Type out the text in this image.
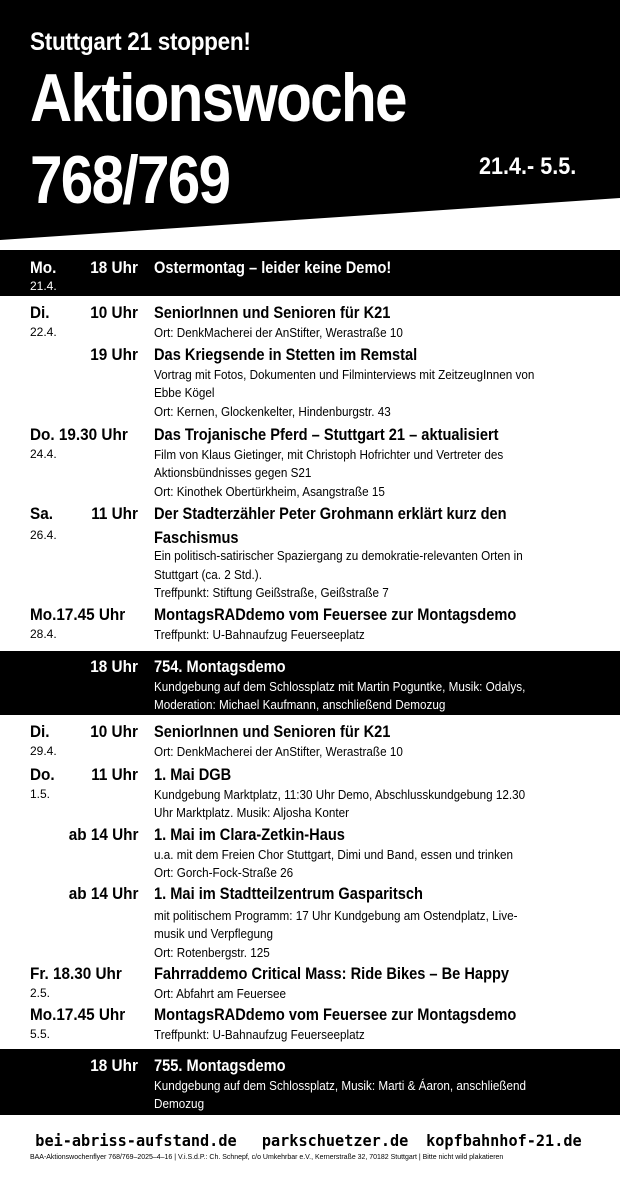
Stuttgart 21 stoppen!
Aktionswoche
768/769	21.4.- 5.5.
Mo.
21.4.
18 Uhr Ostermontag – leider keine Demo!
Di.
22.4.
10 Uhr SeniorInnen und Senioren für K21
Ort: DenkMacherei der AnStifter, Werastraße 10
19 Uhr Das Kriegsende in Stetten im Remstal
Vortrag mit Fotos, Dokumenten und Filminterviews mit ZeitzeugInnen von
Ebbe Kögel
Ort: Kernen, Glockenkelter, Hindenburgstr. 43
Do. 19.30 Uhr
24.4.
Das Trojanische Pferd – Stuttgart 21 – aktualisiert
Film von Klaus Gietinger, mit Christoph Hofrichter und Vertreter des
Aktionsbündnisses gegen S21
Ort: Kinothek Obertürkheim, Asangstraße 15
Sa.
26.4.
11 Uhr Der Stadterzähler Peter Grohmann erklärt kurz den
Faschismus
Ein politisch-satirischer Spaziergang zu demokratie-relevanten Orten in
Stuttgart (ca. 2 Std.).
Treffpunkt: Stiftung Geißstraße, Geißstraße 7
Mo.17.45 Uhr
28.4.
MontagsRADdemo vom Feuersee zur Montagsdemo
Treffpunkt: U-Bahnaufzug Feuerseeplatz
18 Uhr 754. Montagsdemo
Kundgebung auf dem Schlossplatz mit Martin Poguntke, Musik: Odalys,
Moderation: Michael Kaufmann, anschließend Demozug
Di.
29.4.
10 Uhr SeniorInnen und Senioren für K21
Ort: DenkMacherei der AnStifter, Werastraße 10
Do.
1.5.
11 Uhr 1. Mai DGB
Kundgebung Marktplatz, 11:30 Uhr Demo, Abschlusskundgebung 12.30
Uhr Marktplatz. Musik: Aljosha Konter
ab 14 Uhr 1. Mai im Clara-Zetkin-Haus
u.a. mit dem Freien Chor Stuttgart, Dimi und Band, essen und trinken
Ort: Gorch-Fock-Straße 26
ab 14 Uhr 1. Mai im Stadtteilzentrum Gasparitsch
mit politischem Programm: 17 Uhr Kundgebung am Ostendplatz, Live-
musik und Verpflegung
Ort: Rotenbergstr. 125
Fr. 18.30 Uhr
2.5.
Fahrraddemo Critical Mass: Ride Bikes – Be Happy
Ort: Abfahrt am Feuersee
Mo.17.45 Uhr
5.5.
MontagsRADdemo vom Feuersee zur Montagsdemo
Treffpunkt: U-Bahnaufzug Feuerseeplatz
18 Uhr 755. Montagsdemo
Kundgebung auf dem Schlossplatz, Musik: Marti & Áaron, anschließend
Demozug
bei-abriss-aufstand.de parkschuetzer.de kopfbahnhof-21.de
BAA-Aktionswochenflyer 768/769–2025–4–16 | V.i.S.d.P.: Ch. Schnepf, c/o Umkehrbar e.V., Kernerstraße 32, 70182 Stuttgart | Bitte nicht wild plakatieren
